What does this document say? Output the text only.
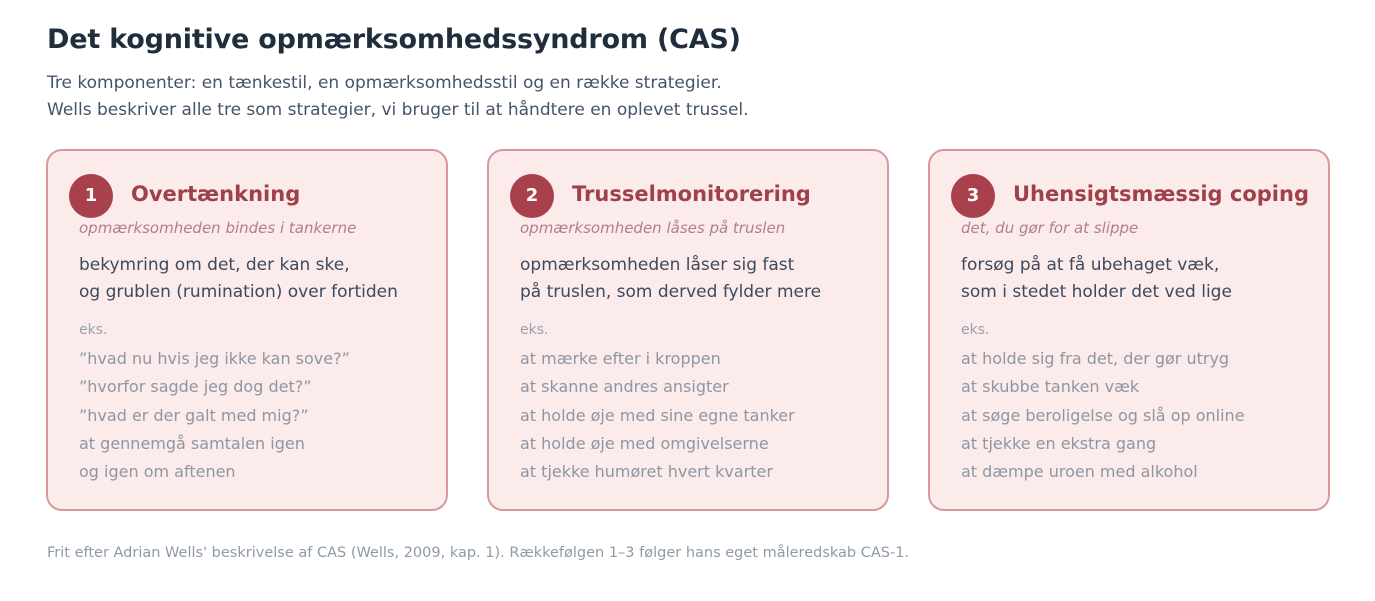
Det kognitive opmærksomhedssyndrom (CAS)
Tre komponenter: en tænkestil, en opmærksomhedsstil og en række strategier.
Wells beskriver alle tre som strategier, vi bruger til at håndtere en oplevet trussel.
1	Overtænkning
opmærksomheden bindes i tankerne
bekymring om det, der kan ske,
og grublen (rumination) over fortiden
eks.
”hvad nu hvis jeg ikke kan sove?”
”hvorfor sagde jeg dog det?”
”hvad er der galt med mig?”
at gennemgå samtalen igen
og igen om aftenen
2	Trusselmonitorering
opmærksomheden låses på truslen
opmærksomheden låser sig fast
på truslen, som derved fylder mere
eks.
at mærke efter i kroppen
at skanne andres ansigter
at holde øje med sine egne tanker
at holde øje med omgivelserne
at tjekke humøret hvert kvarter
3	Uhensigtsmæssig coping
det, du gør for at slippe
forsøg på at få ubehaget væk,
som i stedet holder det ved lige
eks.
at holde sig fra det, der gør utryg
at skubbe tanken væk
at søge beroligelse og slå op online
at tjekke en ekstra gang
at dæmpe uroen med alkohol
Frit efter Adrian Wells' beskrivelse af CAS (Wells, 2009, kap. 1). Rækkefølgen 1–3 følger hans eget måleredskab CAS-1.
